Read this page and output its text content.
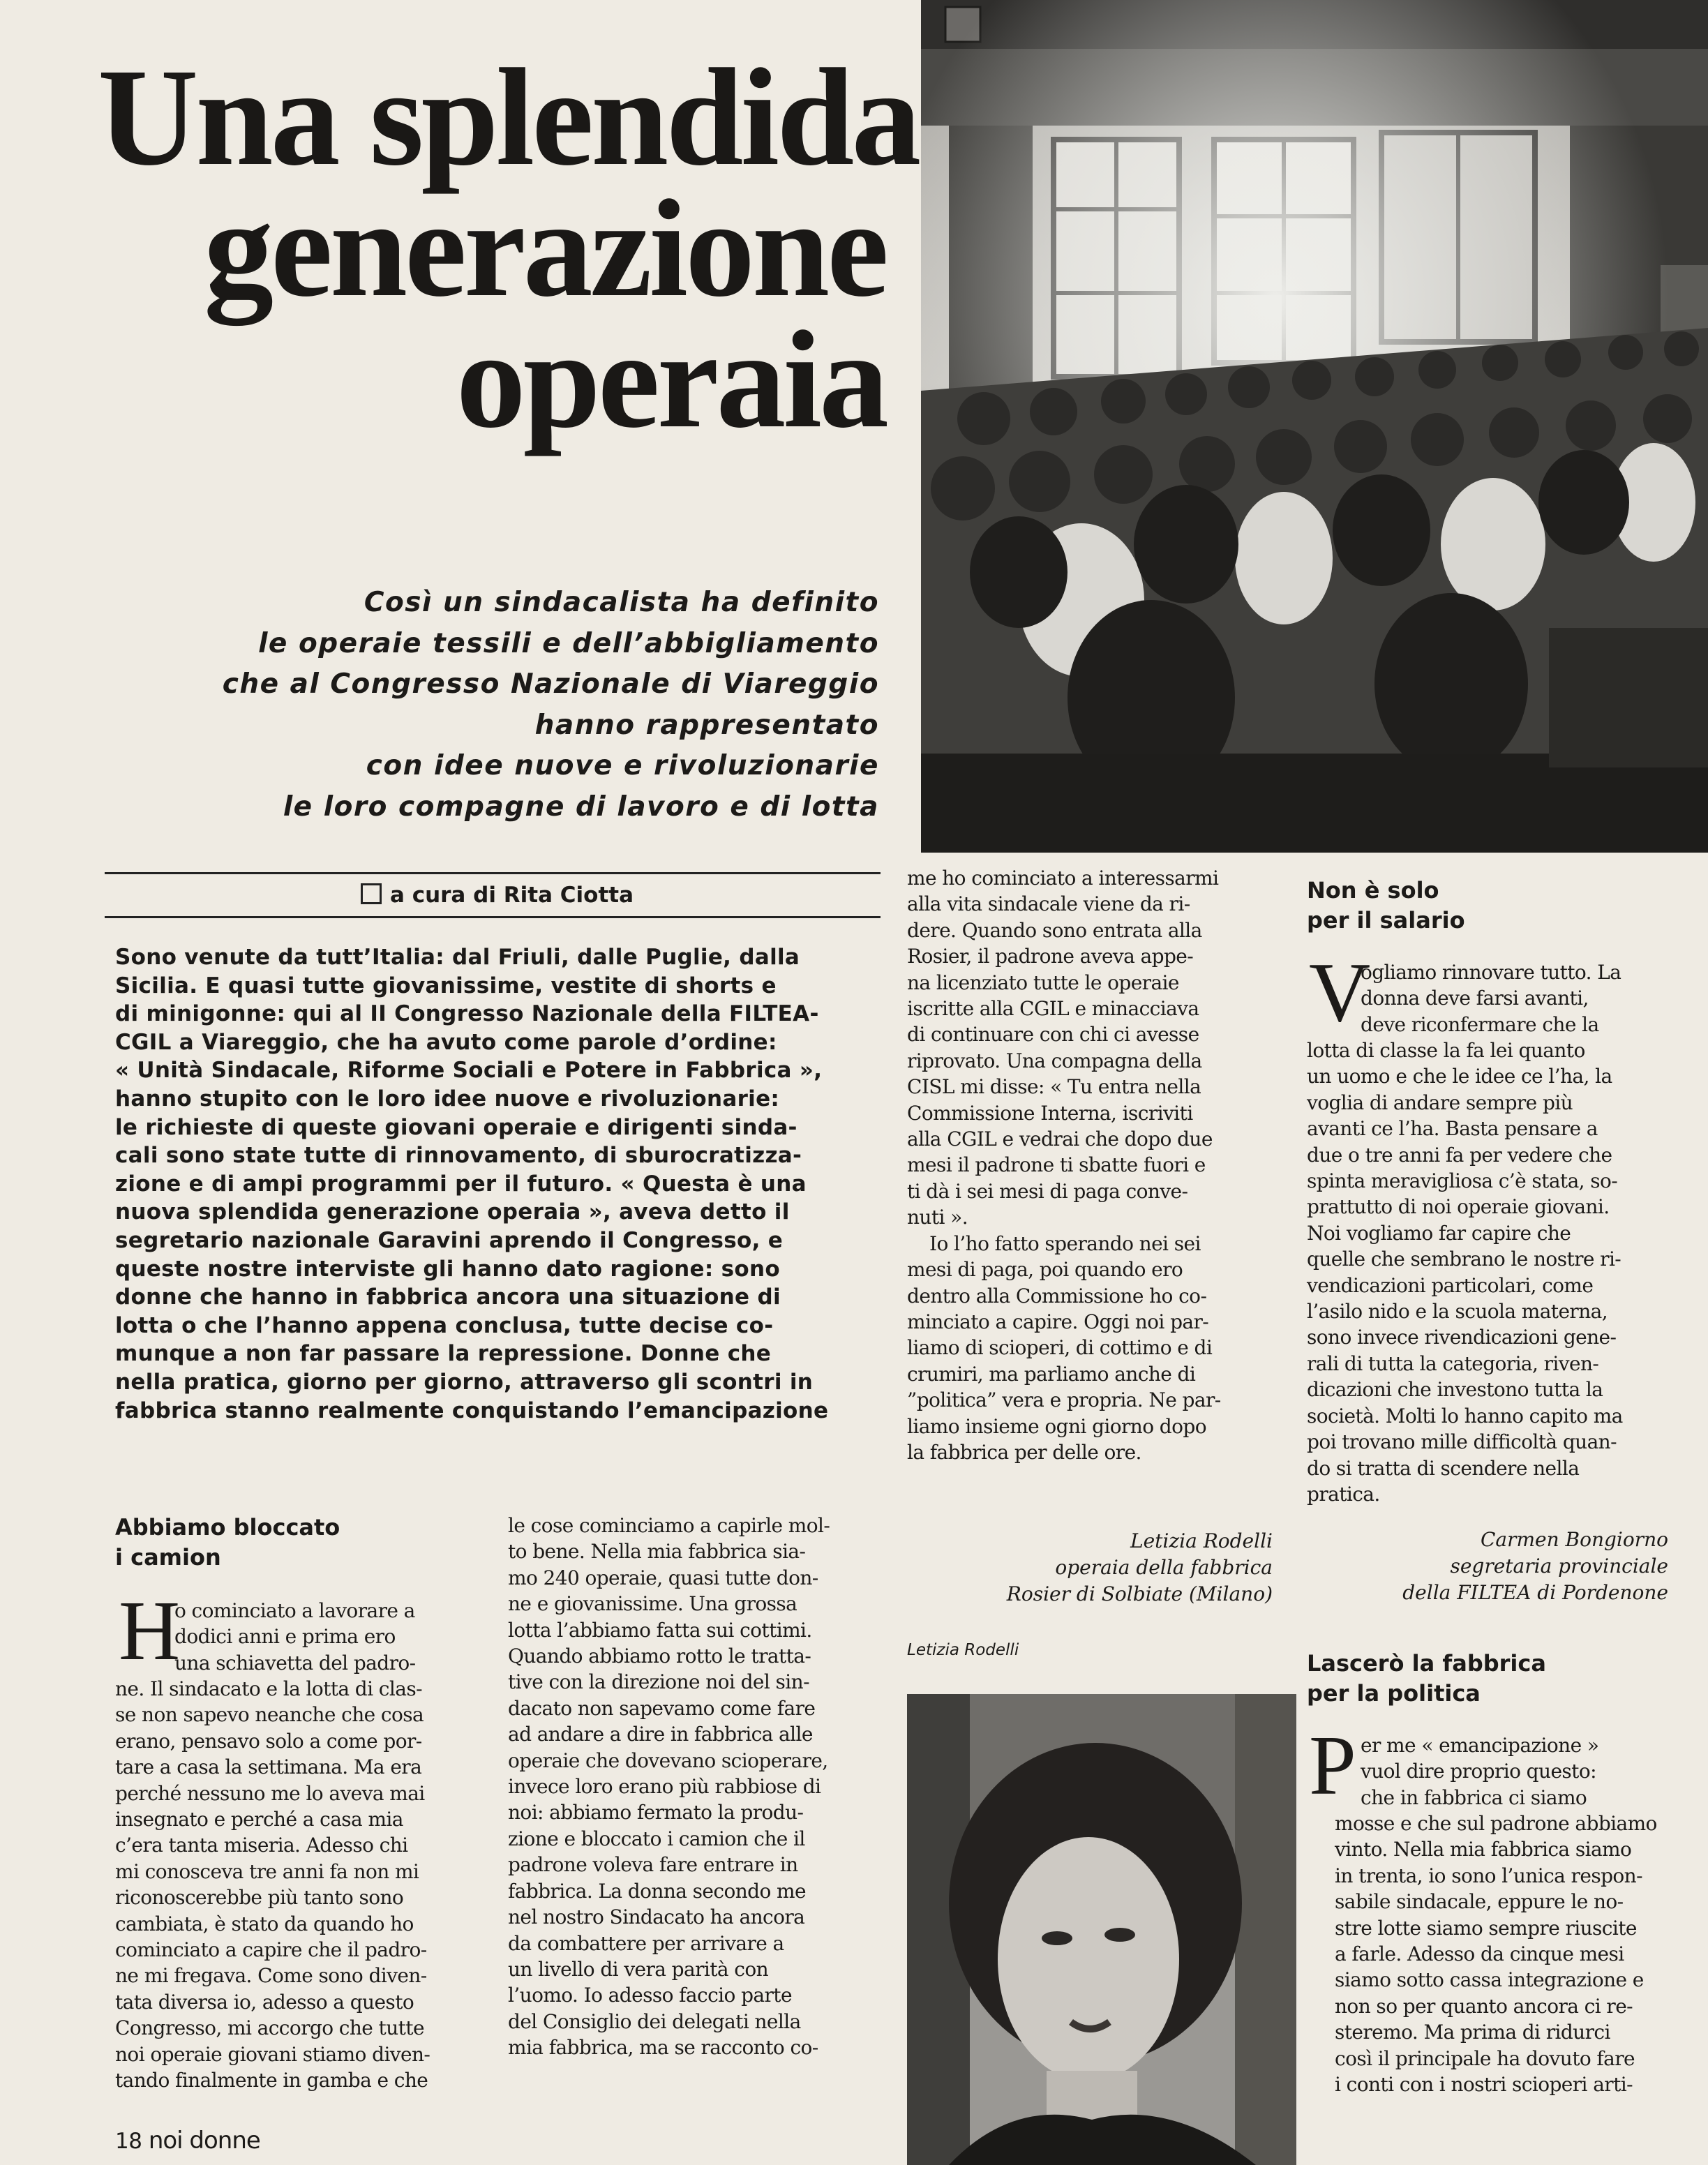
Una splendida
generazione
operaia
Così un sindacalista ha definito
le operaie tessili e dell’abbigliamento
che al Congresso Nazionale di Viareggio
hanno rappresentato
con idee nuove e rivoluzionarie
le loro compagne di lavoro e di lotta
a cura di Rita Ciotta
Sono venute da tutt’Italia: dal Friuli, dalle Puglie, dalla
Sicilia. E quasi tutte giovanissime, vestite di shorts e
di minigonne: qui al II Congresso Nazionale della FILTEA-
CGIL a Viareggio, che ha avuto come parole d’ordine:
« Unità Sindacale, Riforme Sociali e Potere in Fabbrica »,
hanno stupito con le loro idee nuove e rivoluzionarie:
le richieste di queste giovani operaie e dirigenti sinda-
cali sono state tutte di rinnovamento, di sburocratizza-
zione e di ampi programmi per il futuro. « Questa è una
nuova splendida generazione operaia », aveva detto il
segretario nazionale Garavini aprendo il Congresso, e
queste nostre interviste gli hanno dato ragione: sono
donne che hanno in fabbrica ancora una situazione di
lotta o che l’hanno appena conclusa, tutte decise co-
munque a non far passare la repressione. Donne che
nella pratica, giorno per giorno, attraverso gli scontri in
fabbrica stanno realmente conquistando l’emancipazione
Abbiamo bloccato
i camion
H
o cominciato a lavorare a
dodici anni e prima ero
una schiavetta del padro-
ne. Il sindacato e la lotta di clas-
se non sapevo neanche che cosa
erano, pensavo solo a come por-
tare a casa la settimana. Ma era
perché nessuno me lo aveva mai
insegnato e perché a casa mia
c’era tanta miseria. Adesso chi
mi conosceva tre anni fa non mi
riconoscerebbe più tanto sono
cambiata, è stato da quando ho
cominciato a capire che il padro-
ne mi fregava. Come sono diven-
tata diversa io, adesso a questo
Congresso, mi accorgo che tutte
noi operaie giovani stiamo diven-
tando finalmente in gamba e che
le cose cominciamo a capirle mol-
to bene. Nella mia fabbrica sia-
mo 240 operaie, quasi tutte don-
ne e giovanissime. Una grossa
lotta l’abbiamo fatta sui cottimi.
Quando abbiamo rotto le tratta-
tive con la direzione noi del sin-
dacato non sapevamo come fare
ad andare a dire in fabbrica alle
operaie che dovevano scioperare,
invece loro erano più rabbiose di
noi: abbiamo fermato la produ-
zione e bloccato i camion che il
padrone voleva fare entrare in
fabbrica. La donna secondo me
nel nostro Sindacato ha ancora
da combattere per arrivare a
un livello di vera parità con
l’uomo. Io adesso faccio parte
del Consiglio dei delegati nella
mia fabbrica, ma se racconto co-
me ho cominciato a interessarmi
alla vita sindacale viene da ri-
dere. Quando sono entrata alla
Rosier, il padrone aveva appe-
na licenziato tutte le operaie
iscritte alla CGIL e minacciava
di continuare con chi ci avesse
riprovato. Una compagna della
CISL mi disse: « Tu entra nella
Commissione Interna, iscriviti
alla CGIL e vedrai che dopo due
mesi il padrone ti sbatte fuori e
ti dà i sei mesi di paga conve-
nuti ».
Io l’ho fatto sperando nei sei
mesi di paga, poi quando ero
dentro alla Commissione ho co-
minciato a capire. Oggi noi par-
liamo di scioperi, di cottimo e di
crumiri, ma parliamo anche di
”politica” vera e propria. Ne par-
liamo insieme ogni giorno dopo
la fabbrica per delle ore.
Letizia Rodelli
operaia della fabbrica
Rosier di Solbiate (Milano)
Letizia Rodelli
Non è solo
per il salario
V
ogliamo rinnovare tutto. La
donna deve farsi avanti,
deve riconfermare che la
lotta di classe la fa lei quanto
un uomo e che le idee ce l’ha, la
voglia di andare sempre più
avanti ce l’ha. Basta pensare a
due o tre anni fa per vedere che
spinta meravigliosa c’è stata, so-
prattutto di noi operaie giovani.
Noi vogliamo far capire che
quelle che sembrano le nostre ri-
vendicazioni particolari, come
l’asilo nido e la scuola materna,
sono invece rivendicazioni gene-
rali di tutta la categoria, riven-
dicazioni che investono tutta la
società. Molti lo hanno capito ma
poi trovano mille difficoltà quan-
do si tratta di scendere nella
pratica.
Carmen Bongiorno
segretaria provinciale
della FILTEA di Pordenone
Lascerò la fabbrica
per la politica
P er me « emancipazione »
vuol dire proprio questo:
che in fabbrica ci siamo
mosse e che sul padrone abbiamo
vinto. Nella mia fabbrica siamo
in trenta, io sono l’unica respon-
sabile sindacale, eppure le no-
stre lotte siamo sempre riuscite
a farle. Adesso da cinque mesi
siamo sotto cassa integrazione e
non so per quanto ancora ci re-
steremo. Ma prima di ridurci
così il principale ha dovuto fare
i conti con i nostri scioperi arti-
18 noi donne
